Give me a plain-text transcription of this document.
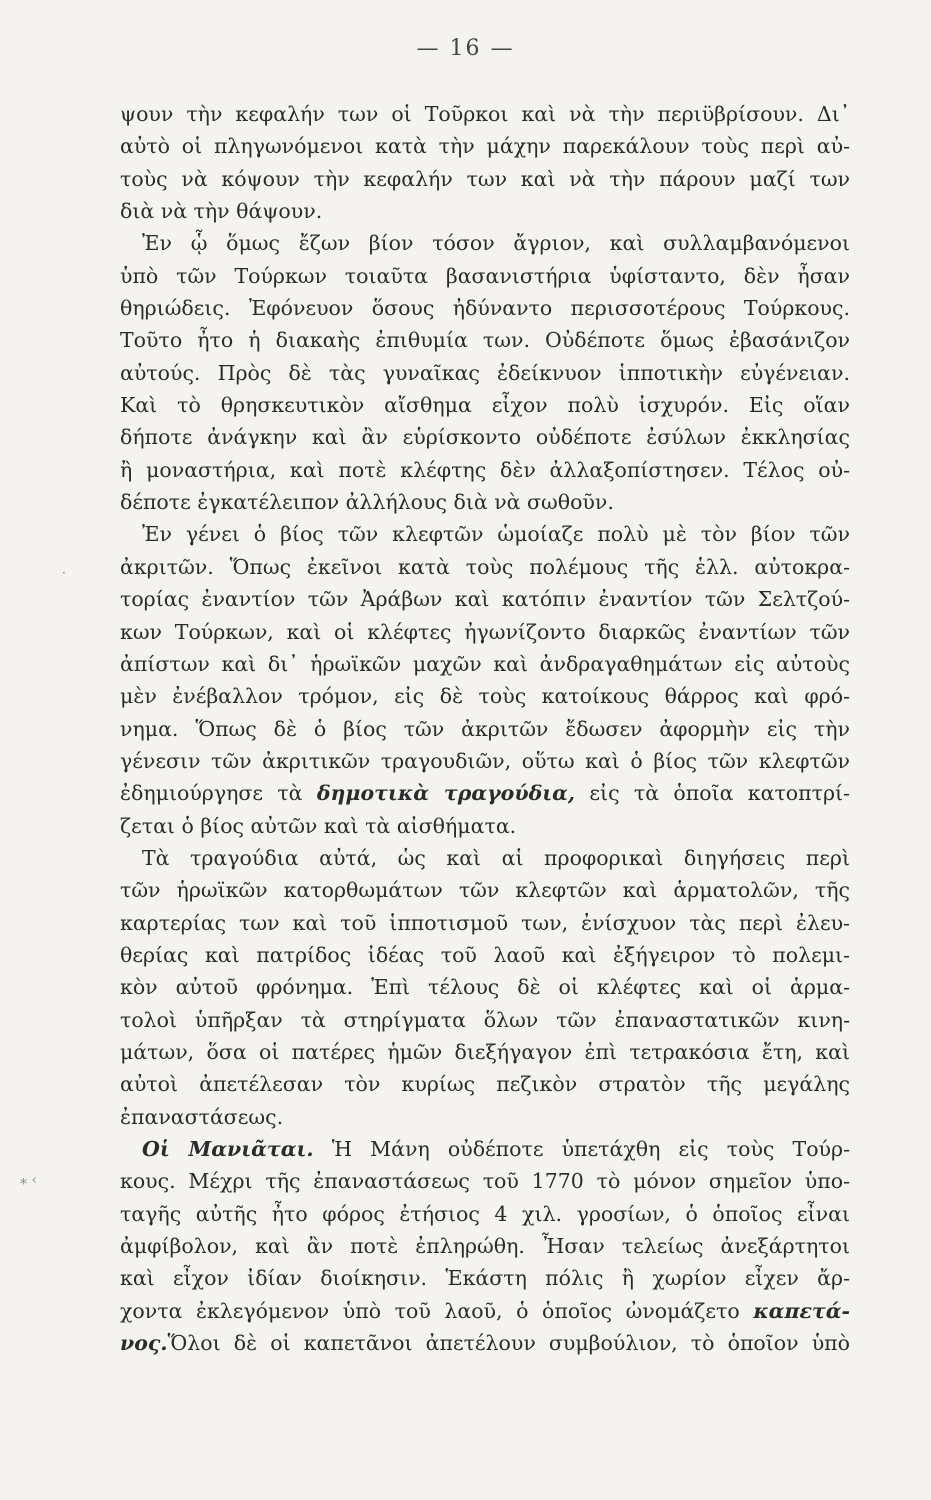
— 16 —
·
⁎ ‹
ψουν τὴν κεφαλήν των οἱ Τοῦρκοι καὶ νὰ τὴν περιϋβρίσουν. Δι᾽
αὐτὸ οἱ πληγωνόμενοι κατὰ τὴν μάχην παρεκάλουν τοὺς περὶ αὐ-
τοὺς νὰ κόψουν τὴν κεφαλήν των καὶ νὰ τὴν πάρουν μαζί των
διὰ νὰ τὴν θάψουν.
Ἐν ᾧ ὅμως ἔζων βίον τόσον ἄγριον, καὶ συλλαμβανόμενοι
ὑπὸ τῶν Τούρκων τοιαῦτα βασανιστήρια ὑφίσταντο, δὲν ἦσαν
θηριώδεις. Ἐφόνευον ὅσους ἠδύναντο περισσοτέρους Τούρκους.
Τοῦτο ἦτο ἡ διακαὴς ἐπιθυμία των. Οὐδέποτε ὅμως ἐβασάνιζον
αὐτούς. Πρὸς δὲ τὰς γυναῖκας ἐδείκνυον ἱπποτικὴν εὐγένειαν.
Καὶ τὸ θρησκευτικὸν αἴσθημα εἶχον πολὺ ἰσχυρόν. Εἰς οἵαν
δήποτε ἀνάγκην καὶ ἂν εὑρίσκοντο οὐδέποτε ἐσύλων ἐκκλησίας
ἢ μοναστήρια, καὶ ποτὲ κλέφτης δὲν ἀλλαξοπίστησεν. Τέλος οὐ-
δέποτε ἐγκατέλειπον ἀλλήλους διὰ νὰ σωθοῦν.
Ἐν γένει ὁ βίος τῶν κλεφτῶν ὡμοίαζε πολὺ μὲ τὸν βίον τῶν
ἀκριτῶν. Ὅπως ἐκεῖνοι κατὰ τοὺς πολέμους τῆς ἑλλ. αὐτοκρα-
τορίας ἐναντίον τῶν Ἀράβων καὶ κατόπιν ἐναντίον τῶν Σελτζού-
κων Τούρκων, καὶ οἱ κλέφτες ἠγωνίζοντο διαρκῶς ἐναντίων τῶν
ἀπίστων καὶ δι᾽ ἡρωϊκῶν μαχῶν καὶ ἀνδραγαθημάτων εἰς αὐτοὺς
μὲν ἐνέβαλλον τρόμον, εἰς δὲ τοὺς κατοίκους θάρρος καὶ φρό-
νημα. Ὅπως δὲ ὁ βίος τῶν ἀκριτῶν ἔδωσεν ἀφορμὴν εἰς τὴν
γένεσιν τῶν ἀκριτικῶν τραγουδιῶν, οὕτω καὶ ὁ βίος τῶν κλεφτῶν
ἐδημιούργησε τὰ δημοτικὰ τραγούδια, εἰς τὰ ὁποῖα κατοπτρί-
ζεται ὁ βίος αὐτῶν καὶ τὰ αἰσθήματα.
Τὰ τραγούδια αὐτά, ὡς καὶ αἱ προφορικαὶ διηγήσεις περὶ
τῶν ἡρωϊκῶν κατορθωμάτων τῶν κλεφτῶν καὶ ἁρματολῶν, τῆς
καρτερίας των καὶ τοῦ ἱπποτισμοῦ των, ἐνίσχυον τὰς περὶ ἐλευ-
θερίας καὶ πατρίδος ἰδέας τοῦ λαοῦ καὶ ἐξήγειρον τὸ πολεμι-
κὸν αὐτοῦ φρόνημα. Ἐπὶ τέλους δὲ οἱ κλέφτες καὶ οἱ ἁρμα-
τολοὶ ὑπῆρξαν τὰ στηρίγματα ὅλων τῶν ἐπαναστατικῶν κινη-
μάτων, ὅσα οἱ πατέρες ἡμῶν διεξήγαγον ἐπὶ τετρακόσια ἔτη, καὶ
αὐτοὶ ἀπετέλεσαν τὸν κυρίως πεζικὸν στρατὸν τῆς μεγάλης
ἐπαναστάσεως.
Οἱ Μανιᾶται. Ἡ Μάνη οὐδέποτε ὑπετάχθη εἰς τοὺς Τούρ-
κους. Μέχρι τῆς ἐπαναστάσεως τοῦ 1770 τὸ μόνον σημεῖον ὑπο-
ταγῆς αὐτῆς ἦτο φόρος ἐτήσιος 4 χιλ. γροσίων, ὁ ὁποῖος εἶναι
ἀμφίβολον, καὶ ἂν ποτὲ ἐπληρώθη. Ἦσαν τελείως ἀνεξάρτητοι
καὶ εἶχον ἰδίαν διοίκησιν. Ἑκάστη πόλις ἢ χωρίον εἶχεν ἄρ-
χοντα ἐκλεγόμενον ὑπὸ τοῦ λαοῦ, ὁ ὁποῖος ὠνομάζετο καπετά-
νος.Ὅλοι δὲ οἱ καπετᾶνοι ἀπετέλουν συμβούλιον, τὸ ὁποῖον ὑπὸ
